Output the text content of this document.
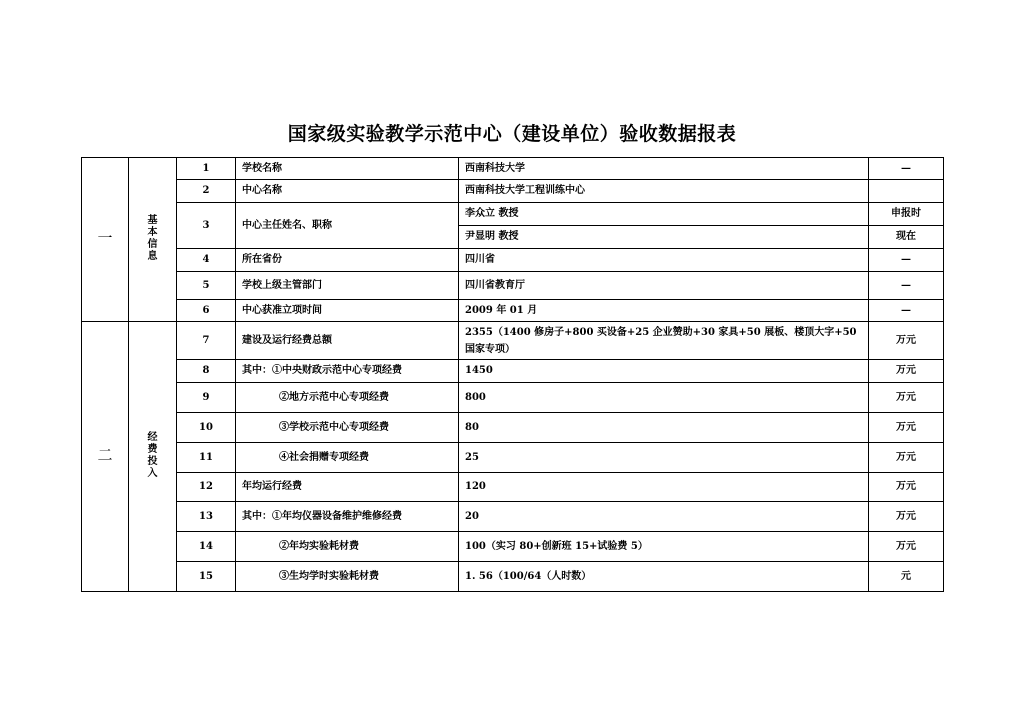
国家级实验教学示范中心（建设单位）验收数据报表
一	基本信息	1	学校名称	西南科技大学	—
		2	中心名称	西南科技大学工程训练中心	
		3	中心主任姓名、职称	李众立 教授	申报时
				尹显明 教授	现在
		4	所在省份	四川省	—
		5	学校上级主管部门	四川省教育厅	—
		6	中心获准立项时间	2009 年 01 月	—
二	经费投入	7	建设及运行经费总额	2355（1400 修房子+800 买设备+25 企业赞助+30 家具+50 展板、楼顶大字+50 国家专项）	万元
		8	其中：①中央财政示范中心专项经费	1450	万元
		9	②地方示范中心专项经费	800	万元
		10	③学校示范中心专项经费	80	万元
		11	④社会捐赠专项经费	25	万元
		12	年均运行经费	120	万元
		13	其中：①年均仪器设备维护维修经费	20	万元
		14	②年均实验耗材费	100（实习 80+创新班 15+试验费 5）	万元
		15	③生均学时实验耗材费	1. 56（100/64（人时数）	元
